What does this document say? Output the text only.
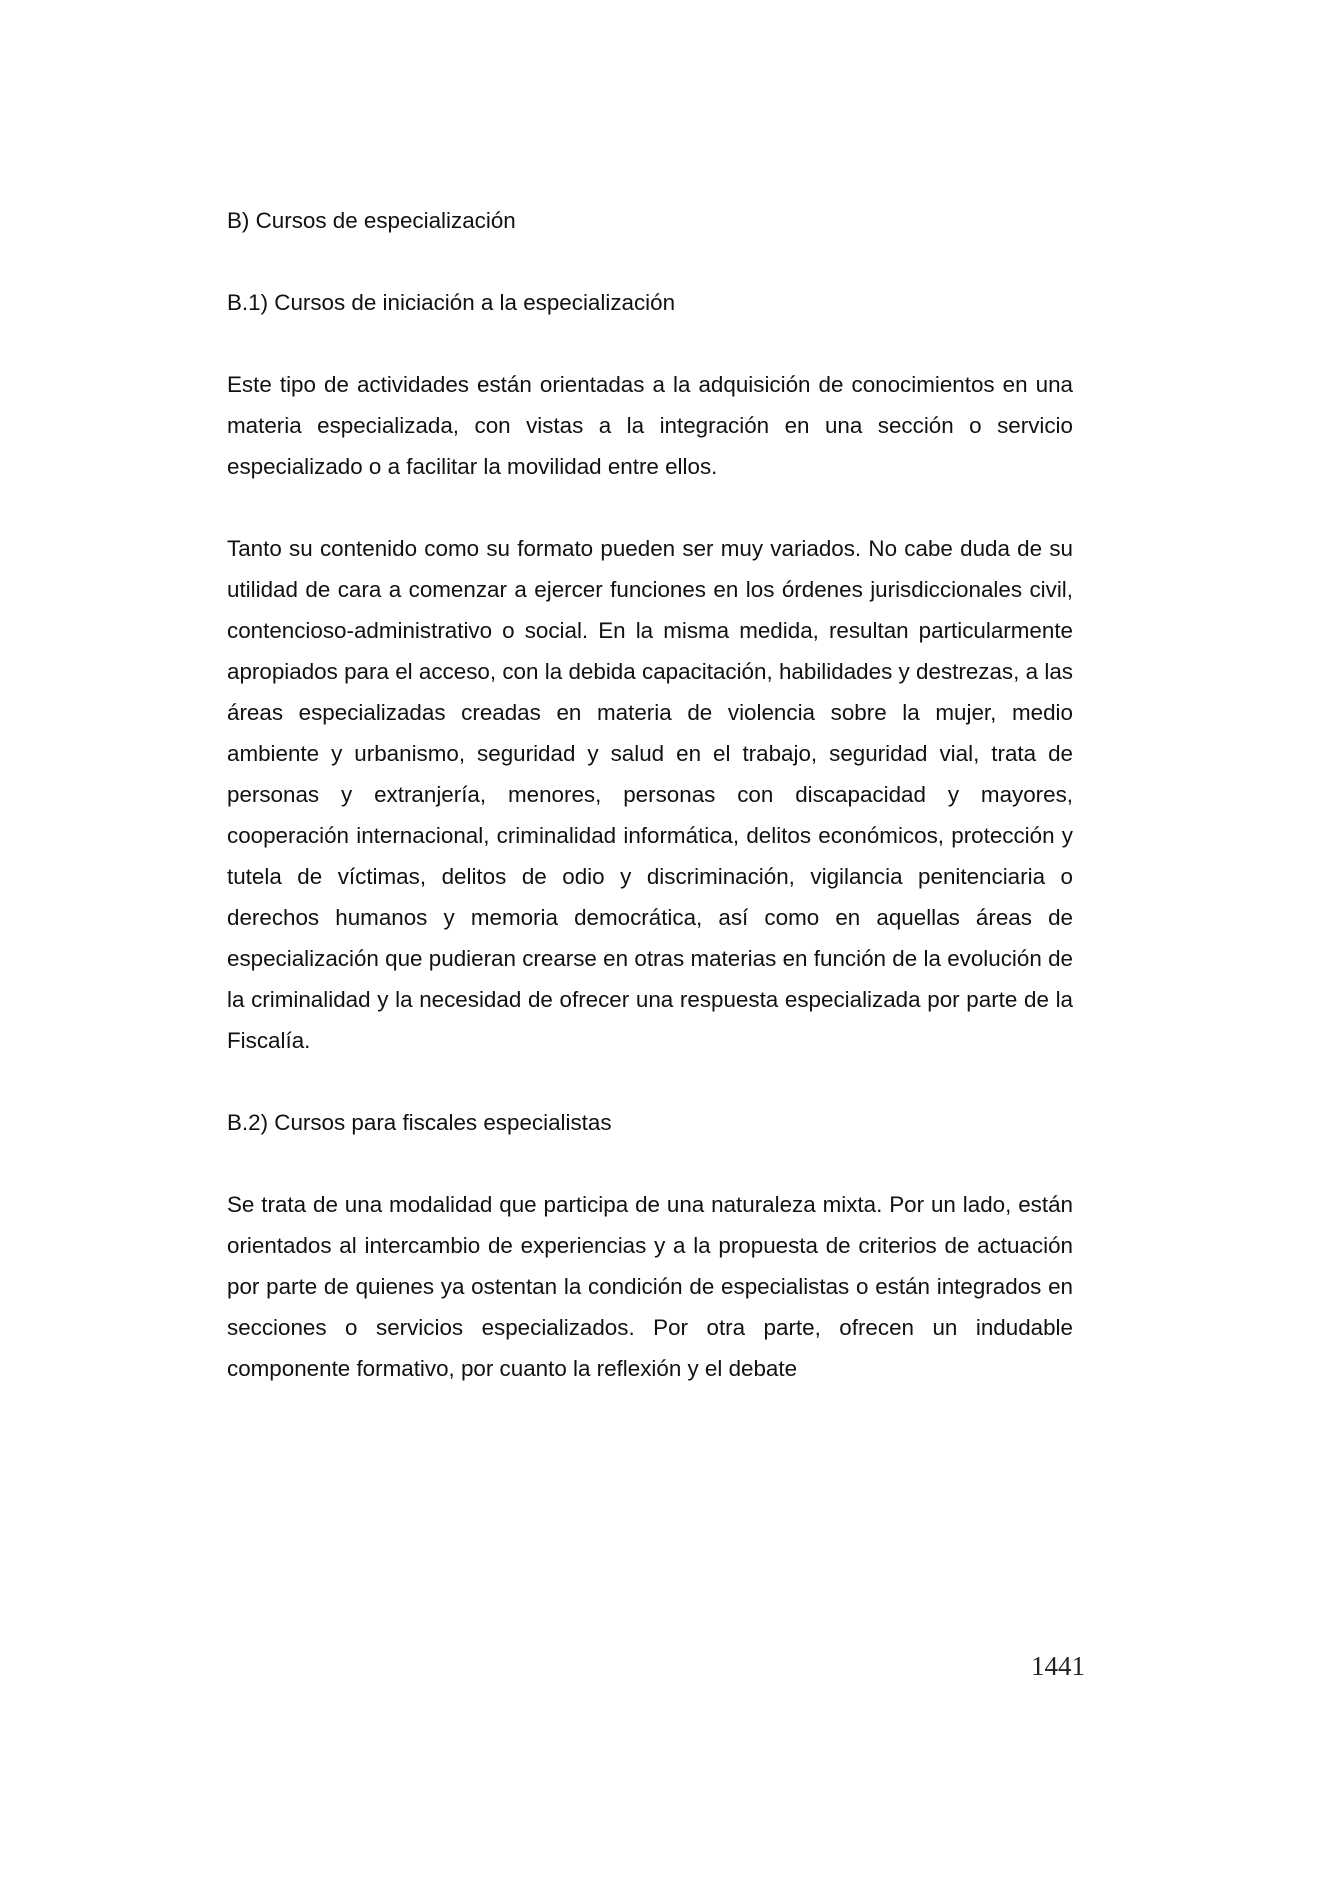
B) Cursos de especialización

B.1) Cursos de iniciación a la especialización

Este tipo de actividades están orientadas a la adquisición de conocimientos en una materia especializada, con vistas a la integración en una sección o servicio especializado o a facilitar la movilidad entre ellos.

Tanto su contenido como su formato pueden ser muy variados. No cabe duda de su utilidad de cara a comenzar a ejercer funciones en los órdenes jurisdiccionales civil, contencioso-administrativo o social. En la misma medida, resultan particularmente apropiados para el acceso, con la debida capacitación, habilidades y destrezas, a las áreas especializadas creadas en materia de violencia sobre la mujer, medio ambiente y urbanismo, seguridad y salud en el trabajo, seguridad vial, trata de personas y extranjería, menores, personas con discapacidad y mayores, cooperación internacional, criminalidad informática, delitos económicos, protección y tutela de víctimas, delitos de odio y discriminación, vigilancia penitenciaria o derechos humanos y memoria democrática, así como en aquellas áreas de especialización que pudieran crearse en otras materias en función de la evolución de la criminalidad y la necesidad de ofrecer una respuesta especializada por parte de la Fiscalía.

B.2) Cursos para fiscales especialistas

Se trata de una modalidad que participa de una naturaleza mixta. Por un lado, están orientados al intercambio de experiencias y a la propuesta de criterios de actuación por parte de quienes ya ostentan la condición de especialistas o están integrados en secciones o servicios especializados. Por otra parte, ofrecen un indudable componente formativo, por cuanto la reflexión y el debate

1441
